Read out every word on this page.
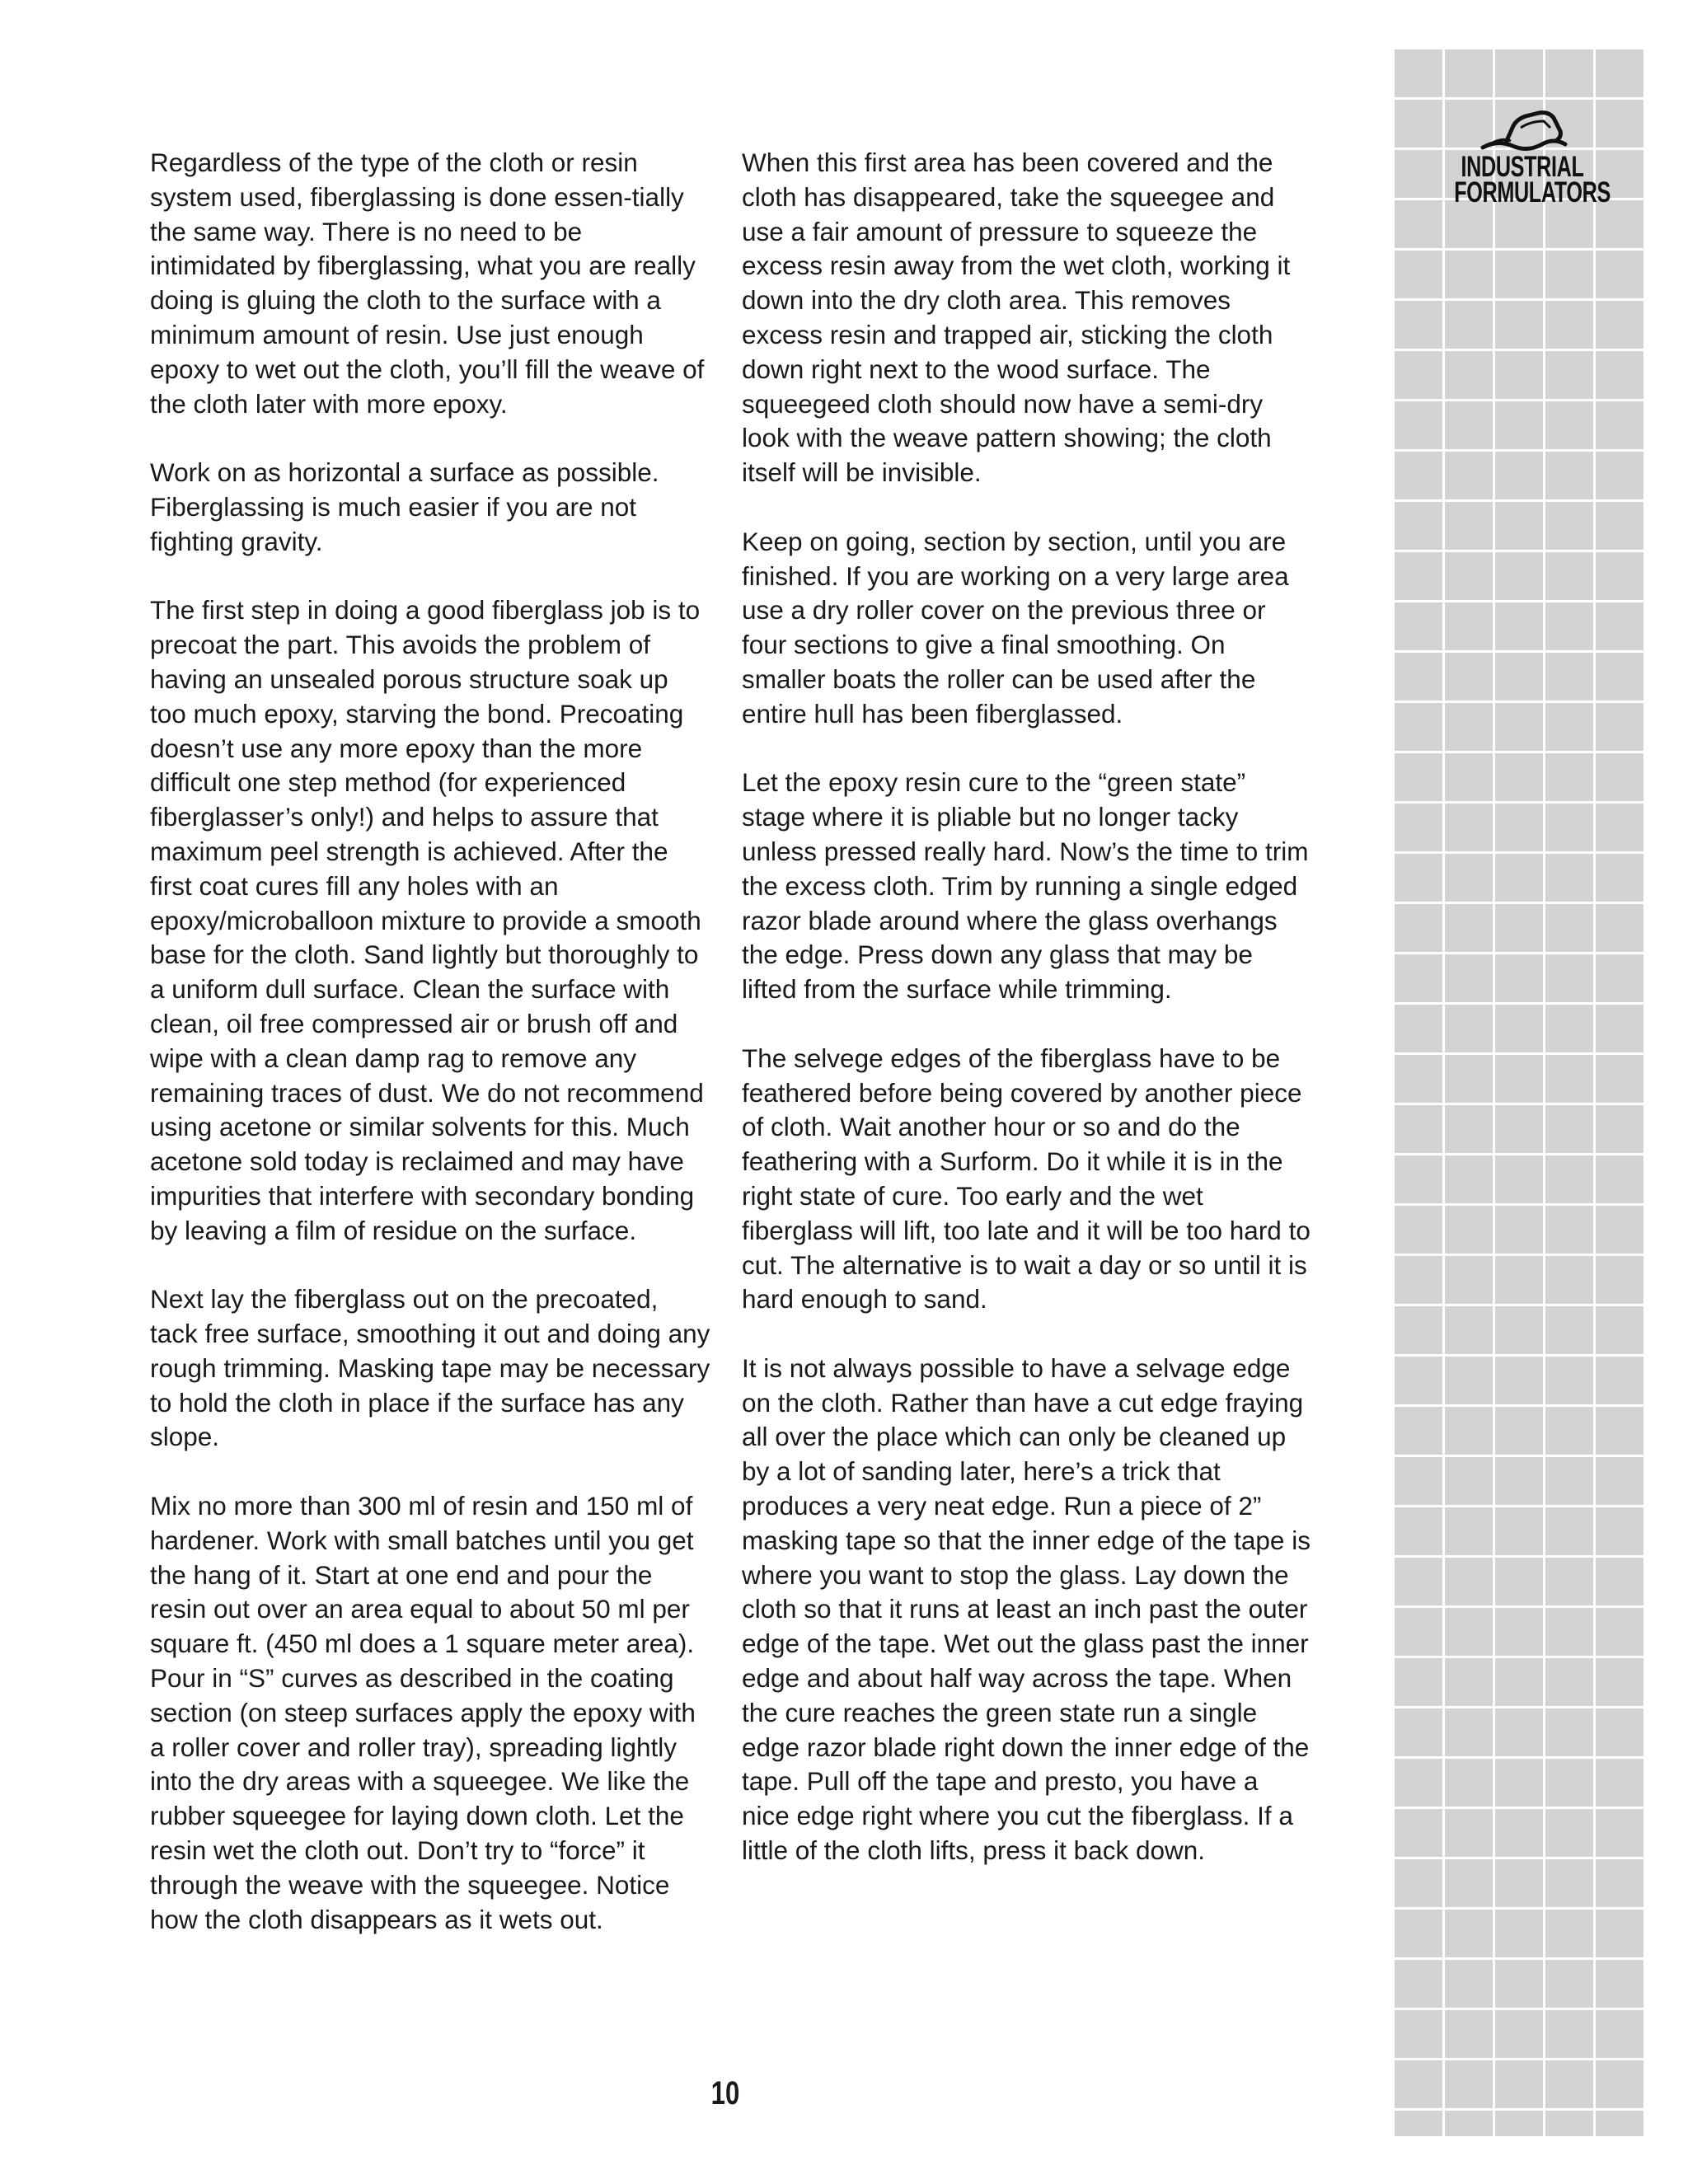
Regardless of the type of the cloth or resin system used, fiberglassing is done essen-tially the same way. There is no need to be intimidated by fiberglassing, what you are really doing is gluing the cloth to the surface with a minimum amount of resin. Use just enough epoxy to wet out the cloth, you’ll fill the weave of the cloth later with more epoxy.

Work on as horizontal a surface as possible. Fiberglassing is much easier if you are not fighting gravity.

The first step in doing a good fiberglass job is to precoat the part. This avoids the problem of having an unsealed porous structure soak up too much epoxy, starving the bond. Precoating doesn’t use any more epoxy than the more difficult one step method (for experienced fiberglasser’s only!) and helps to assure that maximum peel strength is achieved. After the first coat cures fill any holes with an epoxy/microballoon mixture to provide a smooth base for the cloth. Sand lightly but thoroughly to a uniform dull surface. Clean the surface with clean, oil free compressed air or brush off and wipe with a clean damp rag to remove any remaining traces of dust. We do not recommend using acetone or similar solvents for this. Much acetone sold today is reclaimed and may have impurities that interfere with secondary bonding by leaving a film of residue on the surface.

Next lay the fiberglass out on the precoated, tack free surface, smoothing it out and doing any rough trimming. Masking tape may be necessary to hold the cloth in place if the surface has any slope.

Mix no more than 300 ml of resin and 150 ml of hardener. Work with small batches until you get the hang of it. Start at one end and pour the resin out over an area equal to about 50 ml per square ft. (450 ml does a 1 square meter area). Pour in “S” curves as described in the coating section (on steep surfaces apply the epoxy with a roller cover and roller tray), spreading lightly into the dry areas with a squeegee. We like the rubber squeegee for laying down cloth. Let the resin wet the cloth out. Don’t try to “force” it through the weave with the squeegee. Notice how the cloth disappears as it wets out.

When this first area has been covered and the cloth has disappeared, take the squeegee and use a fair amount of pressure to squeeze the excess resin away from the wet cloth, working it down into the dry cloth area. This removes excess resin and trapped air, sticking the cloth down right next to the wood surface. The squeegeed cloth should now have a semi-dry look with the weave pattern showing; the cloth itself will be invisible.

Keep on going, section by section, until you are finished. If you are working on a very large area use a dry roller cover on the previous three or four sections to give a final smoothing. On smaller boats the roller can be used after the entire hull has been fiberglassed.

Let the epoxy resin cure to the “green state” stage where it is pliable but no longer tacky unless pressed really hard. Now’s the time to trim the excess cloth. Trim by running a single edged razor blade around where the glass overhangs the edge. Press down any glass that may be lifted from the surface while trimming.

The selvege edges of the fiberglass have to be feathered before being covered by another piece of cloth. Wait another hour or so and do the feathering with a Surform. Do it while it is in the right state of cure. Too early and the wet fiberglass will lift, too late and it will be too hard to cut. The alternative is to wait a day or so until it is hard enough to sand.

It is not always possible to have a selvage edge on the cloth. Rather than have a cut edge fraying all over the place which can only be cleaned up by a lot of sanding later, here’s a trick that produces a very neat edge. Run a piece of 2” masking tape so that the inner edge of the tape is where you want to stop the glass. Lay down the cloth so that it runs at least an inch past the outer edge of the tape. Wet out the glass past the inner edge and about half way across the tape. When the cure reaches the green state run a single edge razor blade right down the inner edge of the tape. Pull off the tape and presto, you have a nice edge right where you cut the fiberglass. If a little of the cloth lifts, press it back down.

10
INDUSTRIAL
FORMULATORS
